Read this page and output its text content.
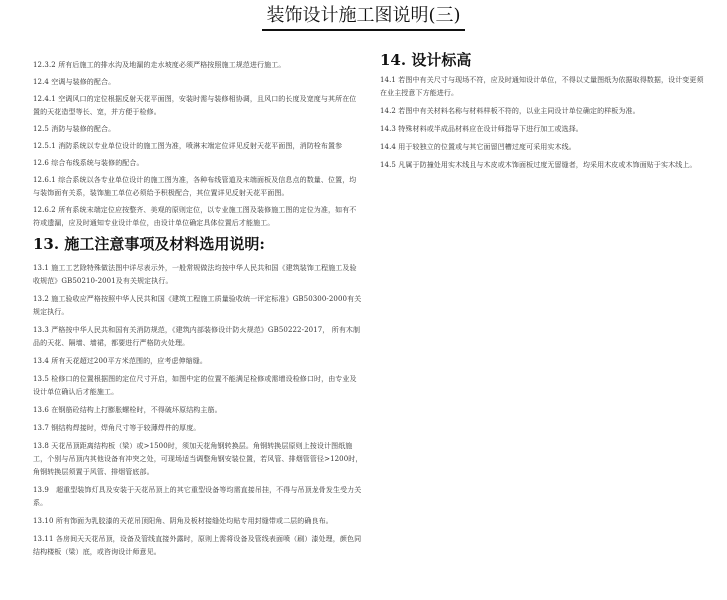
装饰设计施工图说明(三)

12.3.2 所有后施工的排水沟及地漏的走水坡度必须严格按照施工规范进行施工。

12.4 空调与装修的配合。

12.4.1 空调风口的定位根据反射天花平面图，安装时需与装修相协调，且风口的长度及宽度与其所在位置的天花造型等长、宽，并方便于检修。

12.5 消防与装修的配合。

12.5.1 消防系统以专业单位设计的施工图为准，喷淋末端定位详见反射天花平面图，消防栓布置参

12.6 综合布线系统与装修的配合。

12.6.1 综合系统以各专业单位设计的施工图为准，各种布线管道及末端面板及信息点的数量、位置，均与装饰面有关系，装饰施工单位必须给予积极配合，其位置详见反射天花平面图。

12.6.2 所有系统末端定位应按整齐、美观的原则定位，以专业施工图及装修施工图的定位为准，如有不符或遗漏，应及时通知专业设计单位，由设计单位确定具体位置后才能施工。

13. 施工注意事项及材料选用说明:

13.1 施工工艺除特殊做法图中详尽表示外，一般常规做法均按中华人民共和国《建筑装饰工程施工及验收规范》GB50210-2001及有关规定执行。

13.2 施工验收应严格按照中华人民共和国《建筑工程施工质量验收统一评定标准》GB50300-2000有关规定执行。

13.3 严格按中华人民共和国有关消防规范，《建筑内部装修设计防火规范》GB50222-2017， 所有木制品的天花、隔墙、墙裙，都要进行严格防火处理。

13.4 所有天花超过200平方米范围的，应考虑伸缩缝。

13.5 检修口的位置根据图的定位尺寸开启，如图中定的位置不能满足检修或需增设检修口时，由专业及设计单位确认后才能施工。

13.6 在钢筋砼结构上打膨胀螺栓时，不得破坏原结构主筋。

13.7 钢结构焊接时，焊角尺寸等于较薄焊件的厚度。

13.8 天花吊顶距离结构板（梁）或>1500时，须加天花角钢转换层。角钢转换层原则上按设计图纸施工，个别与吊顶内其他设备有冲突之处，可现场适当调整角钢安装位置，若风管、排烟管管径>1200时，角钢转换层须置于风管、排烟管底部。

13.9　超重型装饰灯具及安装于天花吊顶上的其它重型设备等均需直接吊挂，不得与吊顶龙骨发生受力关系。

13.10 所有饰面为乳胶漆的天花吊顶阳角、阴角及板材接缝处均贴专用封缝带或二层的确良布。

13.11 各房间天天花吊顶，设备及管线直接外露时，原则上需将设备及管线表面喷（刷）漆处理，颜色同结构楼板（梁）底，或咨询设计师意见。

14. 设计标高

14.1 若图中有关尺寸与现场不符，应及时通知设计单位，不得以丈量图纸为依据取得数据，设计变更须在业主授意下方能进行。

14.2 若图中有关材料名称与材料样板不符的，以业主同设计单位确定的样板为准。

14.3 特殊材料或半成品材料应在设计师指导下进行加工或选择。

14.4 用于较独立的位置或与其它面留凹槽过度可采用实木线。

14.5 凡属于防撞处用实木线且与木皮或木饰面板过度无留缝者，均采用木皮或木饰面贴于实木线上。
